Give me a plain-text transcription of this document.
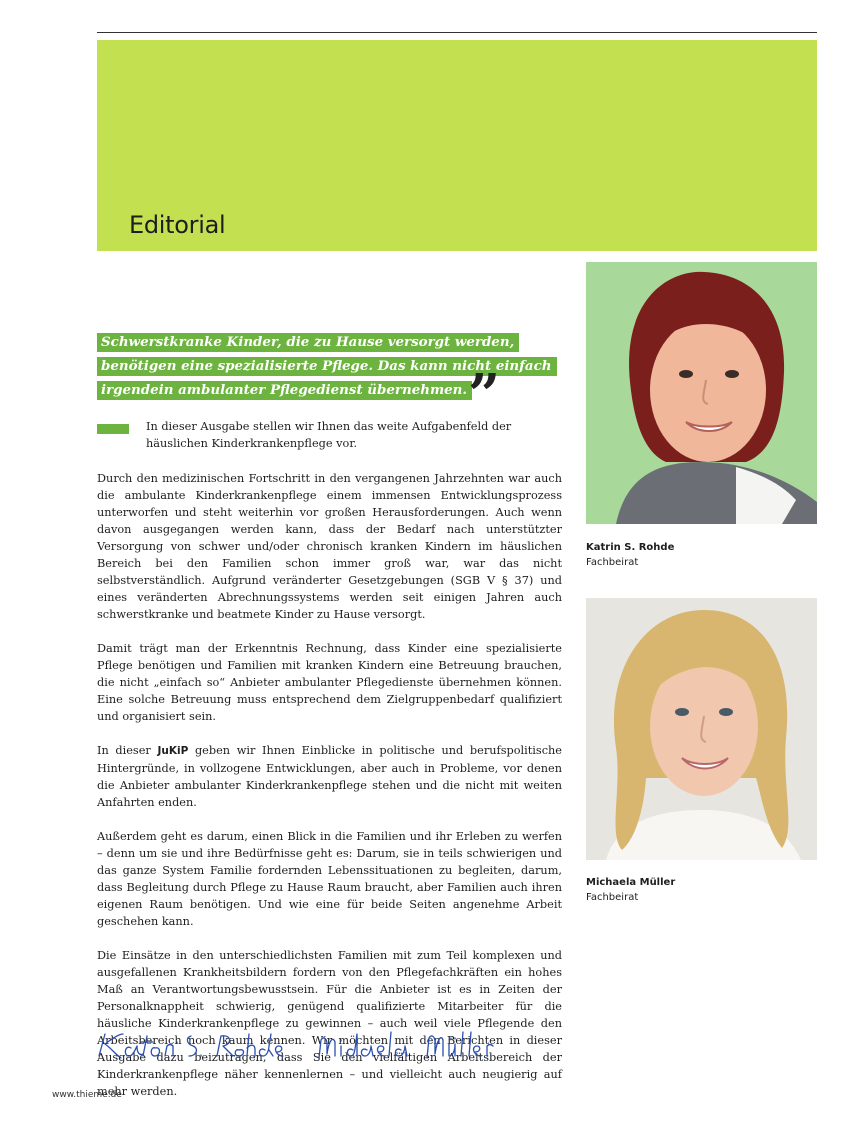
Editorial
Schwerstkranke Kinder, die zu Hause versorgt werden,
benötigen eine spezialisierte Pflege. Das kann nicht einfach
irgendein ambulanter Pflegedienst übernehmen. ”
In dieser Ausgabe stellen wir Ihnen das weite Aufgabenfeld der häuslichen Kinderkrankenpflege vor.

Durch den medizinischen Fortschritt in den vergangenen Jahrzehnten war auch die ambulante Kinderkrankenpflege einem immensen Entwicklungsprozess unterworfen und steht weiterhin vor großen Herausforderungen. Auch wenn davon ausgegangen werden kann, dass der Bedarf nach unterstützter Versorgung von schwer und/oder chronisch kranken Kindern im häuslichen Bereich bei den Familien schon immer groß war, war das nicht selbstverständlich. Aufgrund veränderter Gesetzgebungen (SGB V § 37) und eines veränderten Abrechnungssystems werden seit einigen Jahren auch schwerstkranke und beatmete Kinder zu Hause versorgt.

Damit trägt man der Erkenntnis Rechnung, dass Kinder eine spezialisierte Pflege benötigen und Familien mit kranken Kindern eine Betreuung brauchen, die nicht „einfach so“ Anbieter ambulanter Pflegedienste übernehmen können. Eine solche Betreuung muss entsprechend dem Zielgruppenbedarf qualifiziert und organisiert sein.

In dieser JuKiP geben wir Ihnen Einblicke in politische und berufspolitische Hintergründe, in vollzogene Entwicklungen, aber auch in Probleme, vor denen die Anbieter ambulanter Kinderkrankenpflege stehen und die nicht mit weiten Anfahrten enden.

Außerdem geht es darum, einen Blick in die Familien und ihr Erleben zu werfen – denn um sie und ihre Bedürfnisse geht es: Darum, sie in teils schwierigen und das ganze System Familie fordernden Lebenssituationen zu begleiten, darum, dass Begleitung durch Pflege zu Hause Raum braucht, aber Familien auch ihren eigenen Raum benötigen. Und wie eine für beide Seiten angenehme Arbeit geschehen kann.

Die Einsätze in den unterschiedlichsten Familien mit zum Teil komplexen und ausgefallenen Krankheitsbildern fordern von den Pflegefachkräften ein hohes Maß an Verantwortungsbewusstsein. Für die Anbieter ist es in Zeiten der Personalknappheit schwierig, genügend qualifizierte Mitarbeiter für die häusliche Kinderkrankenpflege zu gewinnen – auch weil viele Pflegende den Arbeitsbereich noch kaum kennen. Wir möchten mit den Berichten in dieser Ausgabe dazu beizutragen, dass Sie den vielfältigen Arbeitsbereich der Kinderkrankenpflege näher kennenlernen – und vielleicht auch neugierig auf mehr werden.

Katrin S. Rohde
Fachbeirat
Michaela Müller
Fachbeirat
www.thieme.de
